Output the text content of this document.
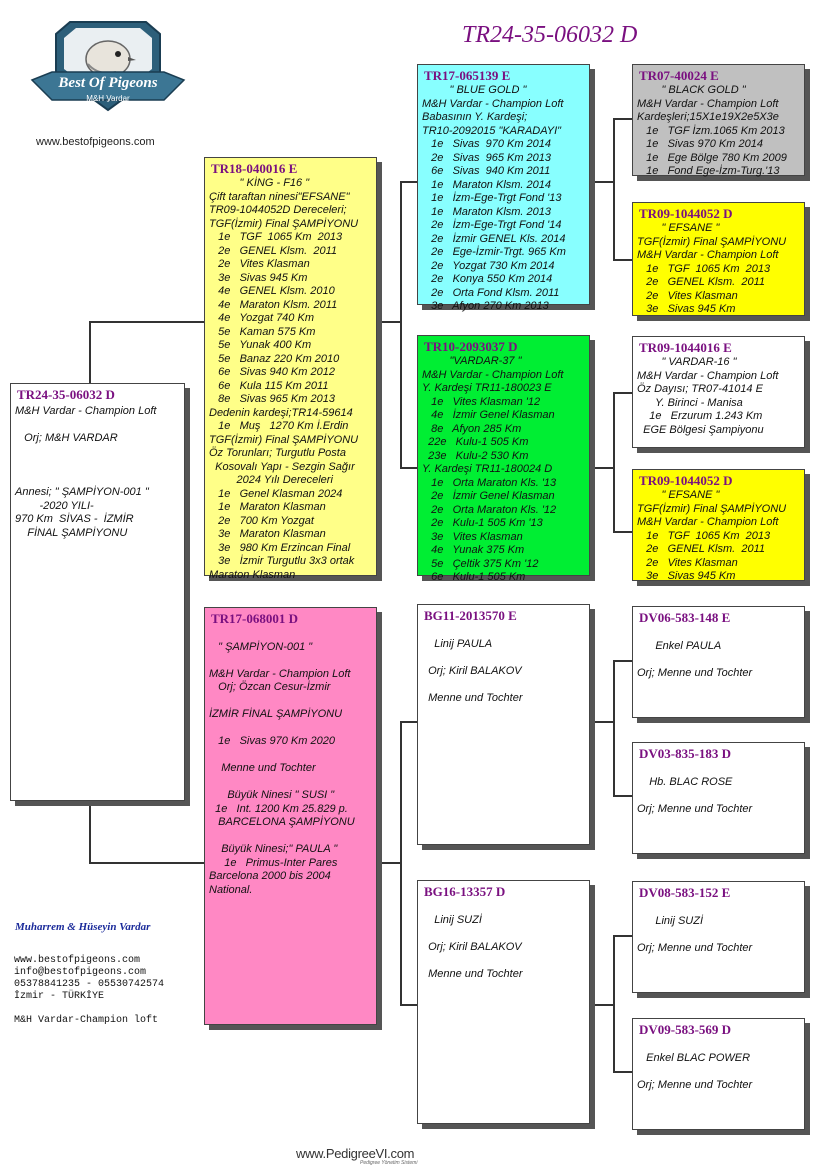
Best Of Pigeons
M&H Vardar
www.bestofpigeons.com
TR24-35-06032 D
TR24-35-06032 D
M&H Vardar - Champion Loft

Orj; M&H VARDAR

Annesi; " ŞAMPİYON-001 "
-2020 YILI-
970 Km  SİVAS -  İZMİR
FİNAL ŞAMPİYONU
TR18-040016 E
" KİNG - F16 "
Çift taraftan ninesi"EFSANE"
TR09-1044052D Dereceleri;
TGF(İzmir) Final ŞAMPİYONU
1e   TGF  1065 Km  2013
2e   GENEL Klsm.  2011
2e   Vites Klasman
3e   Sivas 945 Km
4e   GENEL Klsm. 2010
4e   Maraton Klsm. 2011
4e   Yozgat 740 Km
5e   Kaman 575 Km
5e   Yunak 400 Km
5e   Banaz 220 Km 2010
6e   Sivas 940 Km 2012
6e   Kula 115 Km 2011
8e   Sivas 965 Km 2013
Dedenin kardeşi;TR14-59614
1e   Muş   1270 Km İ.Erdin
TGF(İzmir) Final ŞAMPİYONU
Öz Torunları; Turgutlu Posta
Kosovalı Yapı - Sezgin Sağır
2024 Yılı Dereceleri
1e   Genel Klasman 2024
1e   Maraton Klasman
2e   700 Km Yozgat
3e   Maraton Klasman
3e   980 Km Erzincan Final
3e   İzmir Turgutlu 3x3 ortak
Maraton Klasman
TR17-068001 D

" ŞAMPİYON-001 "

M&H Vardar - Champion Loft
Orj; Özcan Cesur-İzmir

İZMİR FİNAL ŞAMPİYONU

1e   Sivas 970 Km 2020

Menne und Tochter

Büyük Ninesi " SUSI "
1e   Int. 1200 Km 25.829 p.
BARCELONA ŞAMPİYONU

Büyük Ninesi;" PAULA "
1e   Primus-Inter Pares
Barcelona 2000 bis 2004
National.
TR17-065139 E
" BLUE GOLD "
M&H Vardar - Champion Loft
Babasının Y. Kardeşi;
TR10-2092015 "KARADAYI"
1e   Sivas  970 Km 2014
2e   Sivas  965 Km 2013
6e   Sivas  940 Km 2011
1e   Maraton Klsm. 2014
1e   İzm-Ege-Trgt Fond '13
1e   Maraton Klsm. 2013
2e   İzm-Ege-Trgt Fond '14
2e   İzmir GENEL Kls. 2014
2e   Ege-İzmir-Trgt. 965 Km
2e   Yozgat 730 Km 2014
2e   Konya 550 Km 2014
2e   Orta Fond Klsm. 2011
3e   Afyon 270 Km 2013
TR10-2093037 D
"VARDAR-37 "
M&H Vardar - Champion Loft
Y. Kardeşi TR11-180023 E
1e   Vites Klasman '12
4e   İzmir Genel Klasman
8e   Afyon 285 Km
22e   Kulu-1 505 Km
23e   Kulu-2 530 Km
Y. Kardeşi TR11-180024 D
1e   Orta Maraton Kls. '13
2e   İzmir Genel Klasman
2e   Orta Maraton Kls. '12
2e   Kulu-1 505 Km '13
3e   Vites Klasman
4e   Yunak 375 Km
5e   Çeltik 375 Km '12
6e   Kulu-1 505 Km
BG11-2013570 E

Linij PAULA

Orj; Kiril BALAKOV

Menne und Tochter
BG16-13357 D

Linij SUZİ

Orj; Kiril BALAKOV

Menne und Tochter
TR07-40024 E
" BLACK GOLD "
M&H Vardar - Champion Loft
Kardeşleri;15X1e19X2e5X3e
1e   TGF İzm.1065 Km 2013
1e   Sivas 970 Km 2014
1e   Ege Bölge 780 Km 2009
1e   Fond Ege-İzm-Turg.'13
TR09-1044052 D
" EFSANE "
TGF(İzmir) Final ŞAMPİYONU
M&H Vardar - Champion Loft
1e   TGF  1065 Km  2013
2e   GENEL Klsm.  2011
2e   Vites Klasman
3e   Sivas 945 Km
TR09-1044016 E
" VARDAR-16 "
M&H Vardar - Champion Loft
Öz Dayısı; TR07-41014 E
Y. Birinci - Manisa
1e   Erzurum 1.243 Km
EGE Bölgesi Şampiyonu
TR09-1044052 D
" EFSANE "
TGF(İzmir) Final ŞAMPİYONU
M&H Vardar - Champion Loft
1e   TGF  1065 Km  2013
2e   GENEL Klsm.  2011
2e   Vites Klasman
3e   Sivas 945 Km
DV06-583-148 E

Enkel PAULA

Orj; Menne und Tochter
DV03-835-183 D

Hb. BLAC ROSE

Orj; Menne und Tochter
DV08-583-152 E

Linij SUZİ

Orj; Menne und Tochter
DV09-583-569 D

Enkel BLAC POWER

Orj; Menne und Tochter
Muharrem & Hüseyin Vardar
www.bestofpigeons.com
info@bestofpigeons.com
05378841235 - 05530742574
İzmir - TÜRKİYE
M&H Vardar-Champion loft
www.PedigreeVI.com
Pedigree Yönetim Sistemi
